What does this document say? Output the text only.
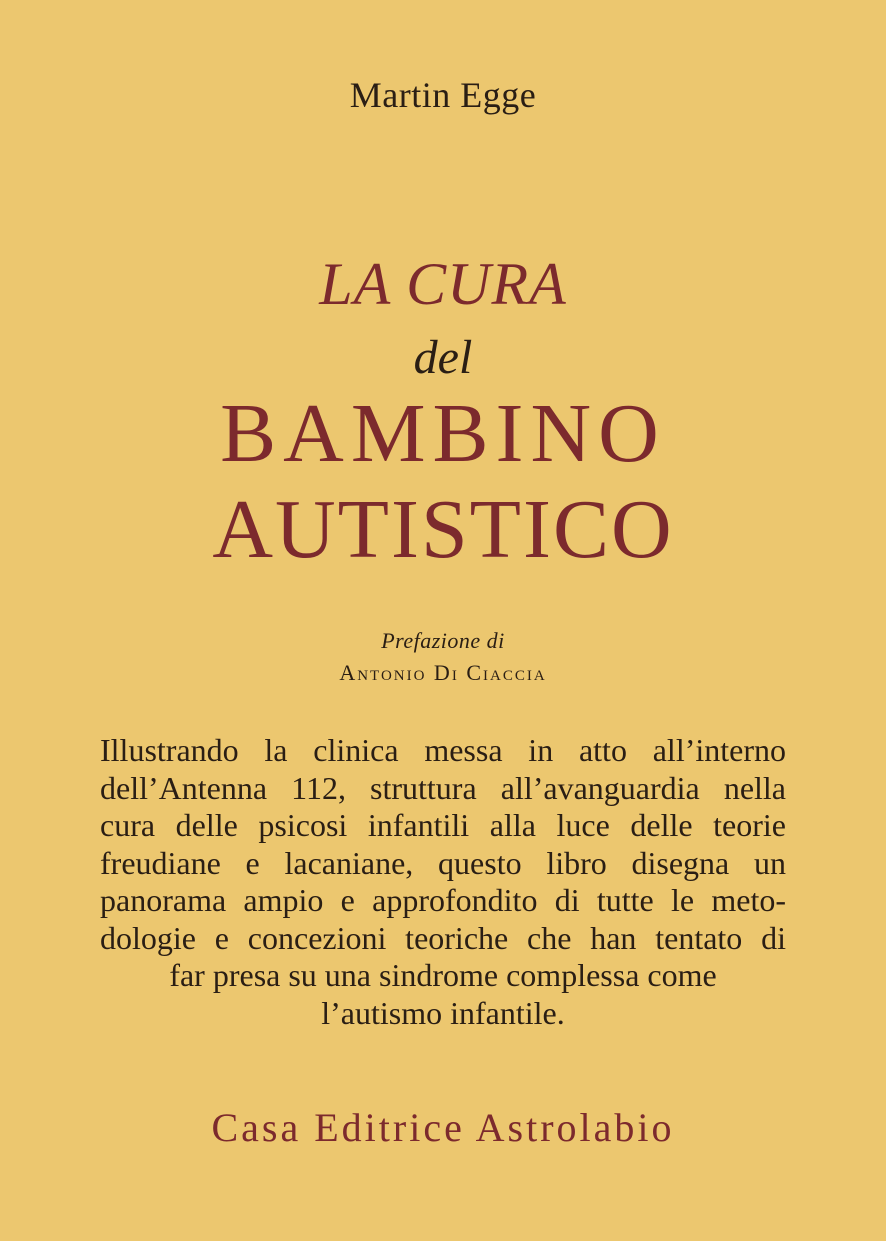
Martin Egge
LA CURA
del
BAMBINO
AUTISTICO
Prefazione di
Antonio Di Ciaccia
Illustrando la clinica messa in atto all’interno
dell’Antenna 112, struttura all’avanguardia nella
cura delle psicosi infantili alla luce delle teorie
freudiane e lacaniane, questo libro disegna un
panorama ampio e approfondito di tutte le meto-
dologie e concezioni teoriche che han tentato di
far presa su una sindrome complessa come
l’autismo infantile.
Casa Editrice Astrolabio
